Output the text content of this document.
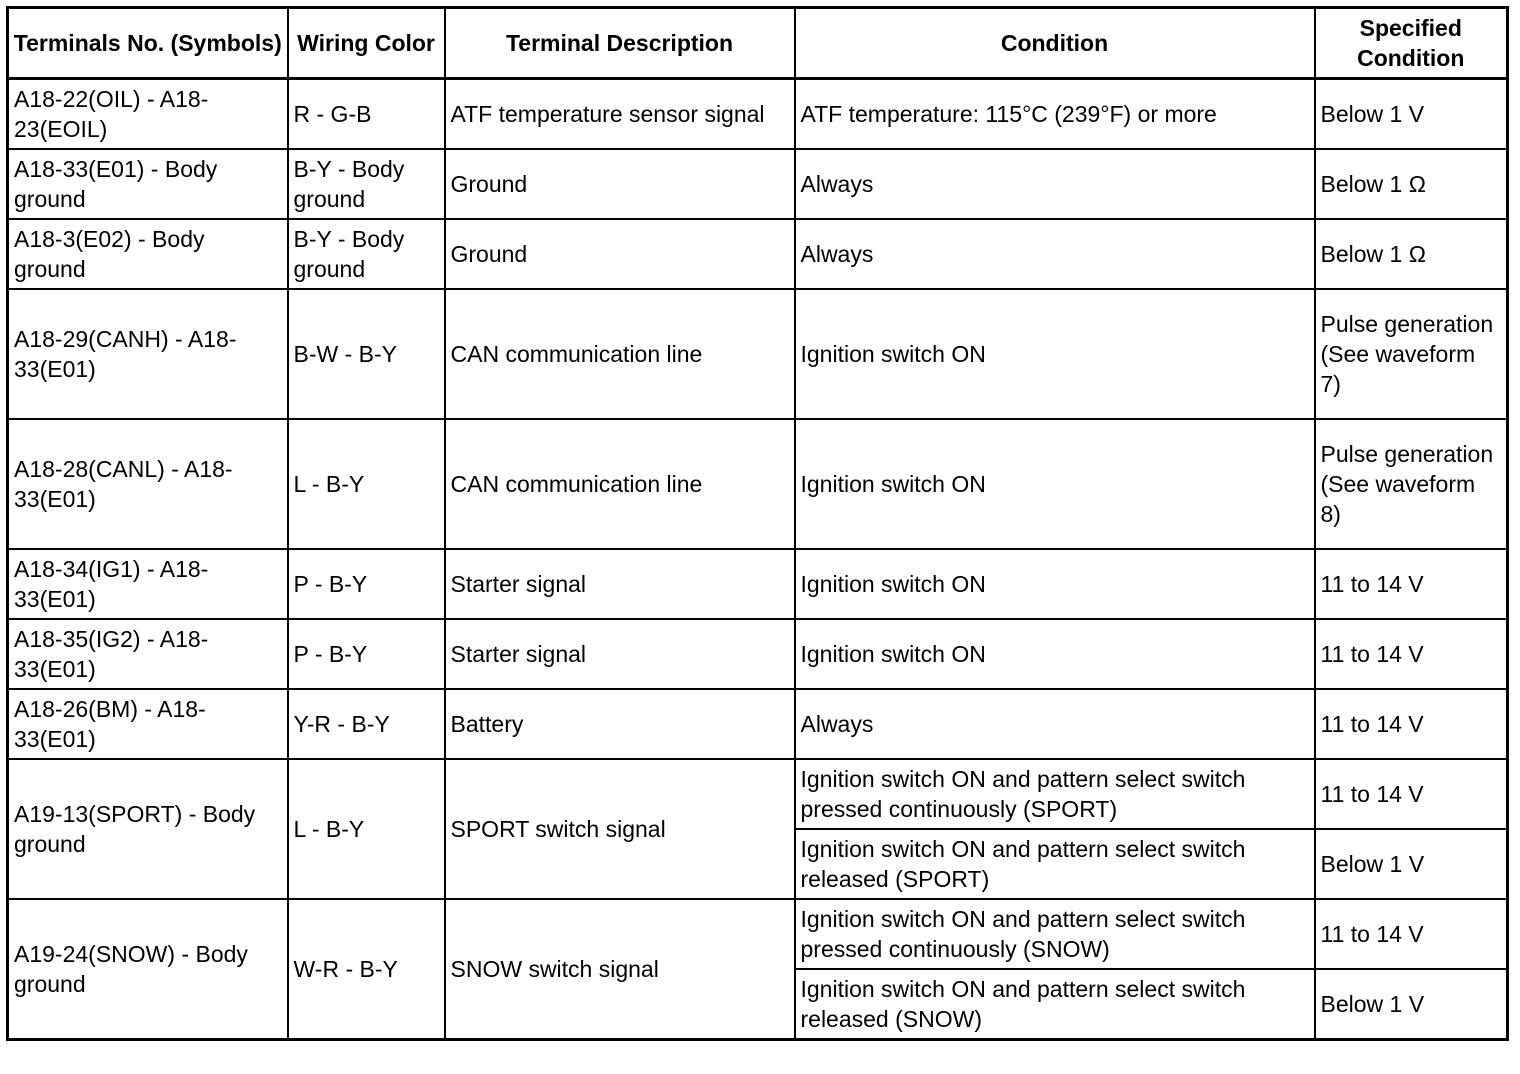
Terminals No. (Symbols)	Wiring Color	Terminal Description	Condition	Specified Condition
A18-22(OIL) - A18-23(EOIL)	R - G-B	ATF temperature sensor signal	ATF temperature: 115°C (239°F) or more	Below 1 V
A18-33(E01) - Body ground	B-Y - Body ground	Ground	Always	Below 1 Ω
A18-3(E02) - Body ground	B-Y - Body ground	Ground	Always	Below 1 Ω
A18-29(CANH) - A18-33(E01)	B-W - B-Y	CAN communication line	Ignition switch ON	Pulse generation (See waveform 7)
A18-28(CANL) - A18-33(E01)	L - B-Y	CAN communication line	Ignition switch ON	Pulse generation (See waveform 8)
A18-34(IG1) - A18-33(E01)	P - B-Y	Starter signal	Ignition switch ON	11 to 14 V
A18-35(IG2) - A18-33(E01)	P - B-Y	Starter signal	Ignition switch ON	11 to 14 V
A18-26(BM) - A18-33(E01)	Y-R - B-Y	Battery	Always	11 to 14 V
A19-13(SPORT) - Body ground	L - B-Y	SPORT switch signal	Ignition switch ON and pattern select switch pressed continuously (SPORT)	11 to 14 V
			Ignition switch ON and pattern select switch released (SPORT)	Below 1 V
A19-24(SNOW) - Body ground	W-R - B-Y	SNOW switch signal	Ignition switch ON and pattern select switch pressed continuously (SNOW)	11 to 14 V
			Ignition switch ON and pattern select switch released (SNOW)	Below 1 V
